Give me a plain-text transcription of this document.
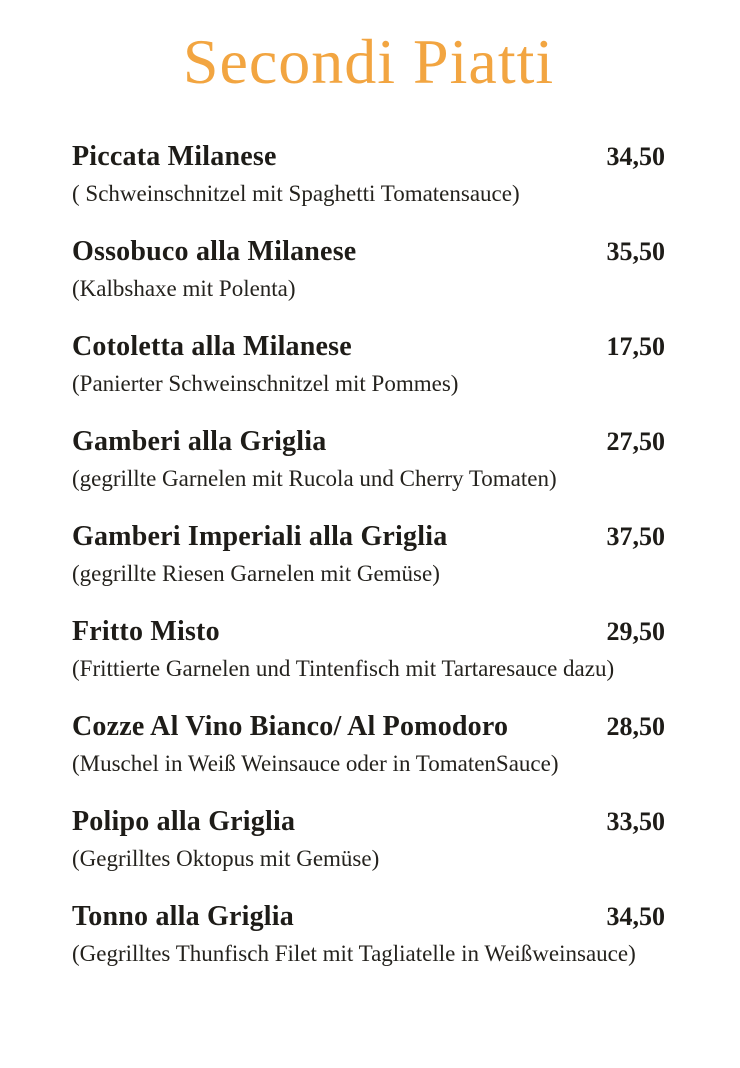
Secondi Piatti
Piccata Milanese	34,50

( Schweinschnitzel mit Spaghetti Tomatensauce)

Ossobuco alla Milanese	35,50

(Kalbshaxe mit Polenta)

Cotoletta alla Milanese	17,50

(Panierter Schweinschnitzel mit Pommes)

Gamberi alla Griglia	27,50

(gegrillte Garnelen mit Rucola und Cherry Tomaten)

Gamberi Imperiali alla Griglia	37,50

(gegrillte Riesen Garnelen mit Gemüse)

Fritto Misto	29,50

(Frittierte Garnelen und Tintenfisch mit Tartaresauce dazu)

Cozze Al Vino Bianco/ Al Pomodoro	28,50

(Muschel in Weiß Weinsauce oder in TomatenSauce)

Polipo alla Griglia	33,50

(Gegrilltes Oktopus mit Gemüse)

Tonno alla Griglia	34,50

(Gegrilltes Thunfisch Filet mit Tagliatelle in Weißweinsauce)
